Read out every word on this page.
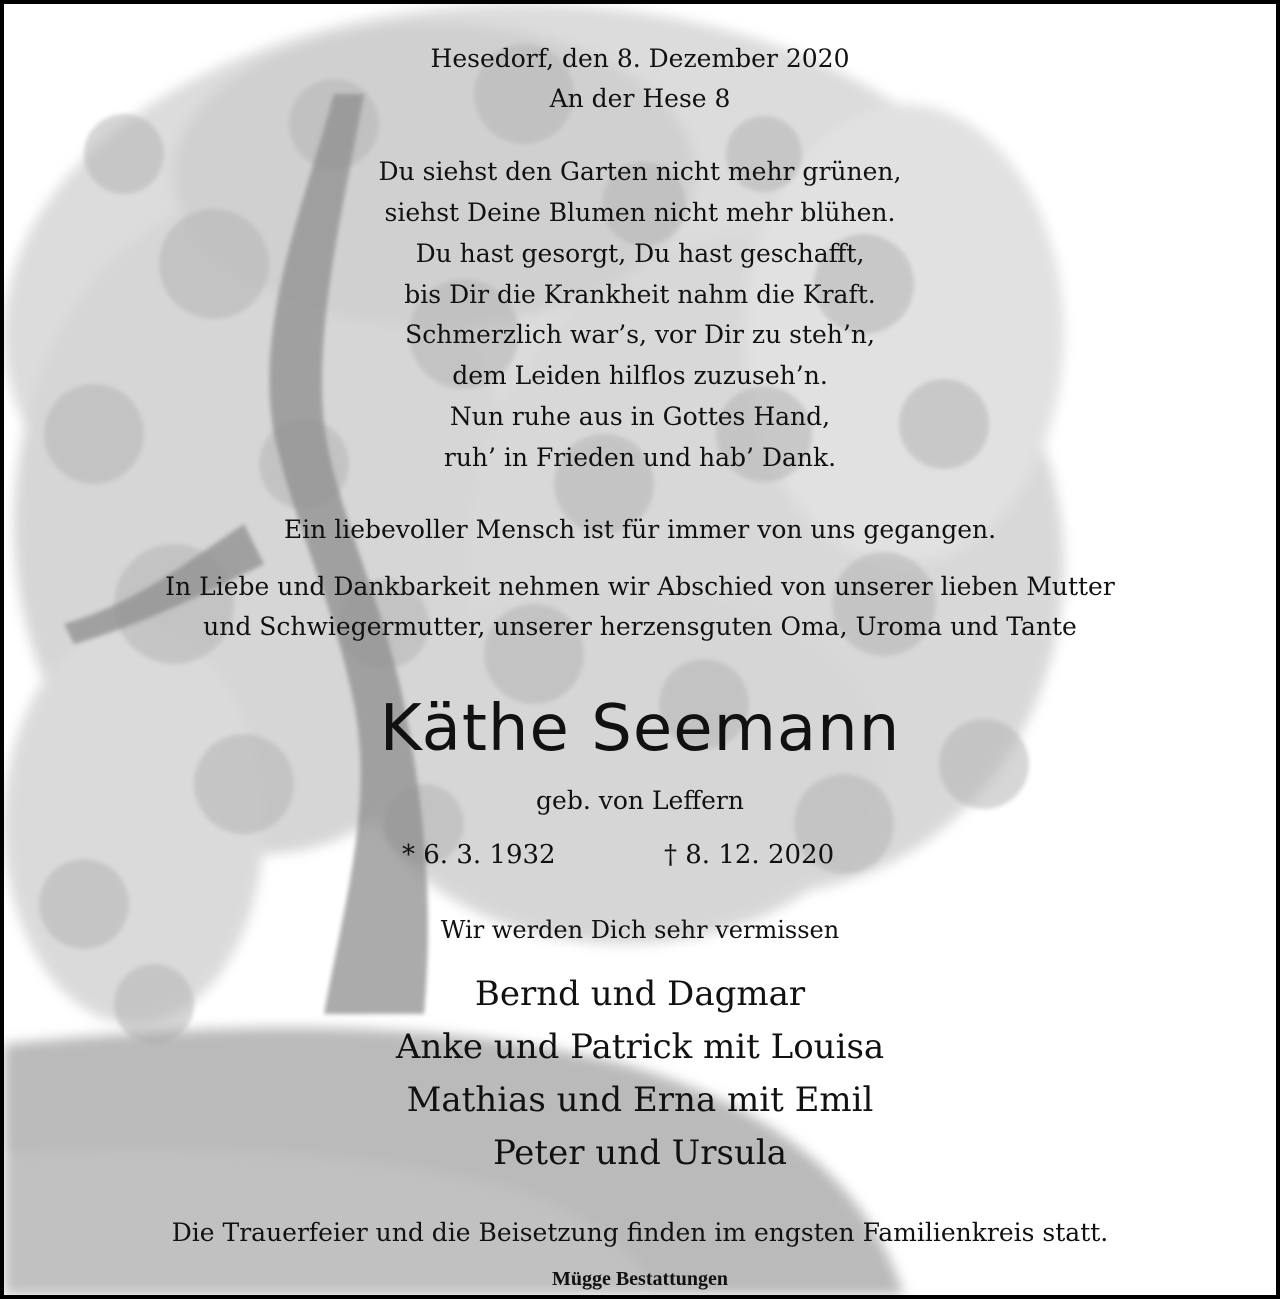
Hesedorf, den 8. Dezember 2020
An der Hese 8
Du siehst den Garten nicht mehr grünen,
siehst Deine Blumen nicht mehr blühen.
Du hast gesorgt, Du hast geschafft,
bis Dir die Krankheit nahm die Kraft.
Schmerzlich war’s, vor Dir zu steh’n,
dem Leiden hilflos zuzuseh’n.
Nun ruhe aus in Gottes Hand,
ruh’ in Frieden und hab’ Dank.
Ein liebevoller Mensch ist für immer von uns gegangen.
In Liebe und Dankbarkeit nehmen wir Abschied von unserer lieben Mutter
und Schwiegermutter, unserer herzensguten Oma, Uroma und Tante
Käthe Seemann
geb. von Leffern
* 6. 3. 1932	† 8. 12. 2020
Wir werden Dich sehr vermissen
Bernd und Dagmar
Anke und Patrick mit Louisa
Mathias und Erna mit Emil
Peter und Ursula
Die Trauerfeier und die Beisetzung finden im engsten Familienkreis statt.
Mügge Bestattungen
